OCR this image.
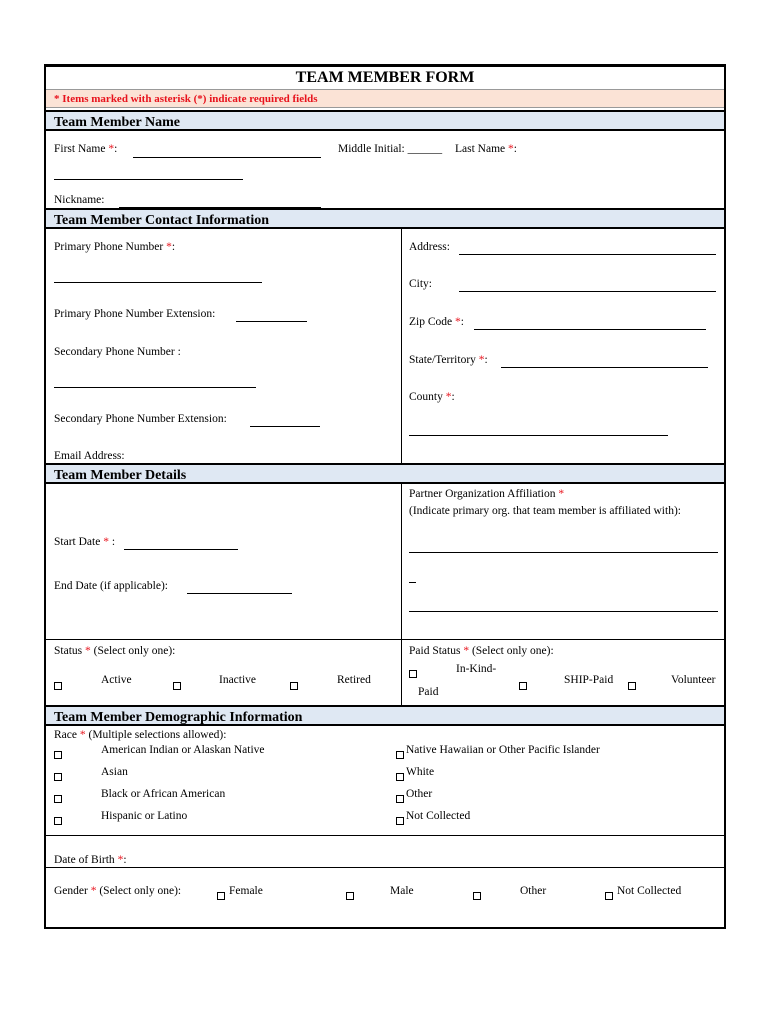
TEAM MEMBER FORM
* Items marked with asterisk (*) indicate required fields
Team Member Name
First Name *:	Middle Initial: ______ Last Name *:
Nickname:
Team Member Contact Information
Primary Phone Number *:
Primary Phone Number Extension:
Secondary Phone Number :
Secondary Phone Number Extension:
Email Address:
Address:
City:
Zip Code *:
State/Territory *:
County *:
Team Member Details
Partner Organization Affiliation *
(Indicate primary org. that team member is affiliated with):
Start Date * :
End Date (if applicable):
Status * (Select only one):
Active	Inactive	Retired
Paid Status * (Select only one):
In-Kind-
Paid
SHIP-Paid	Volunteer
Team Member Demographic Information
Race * (Multiple selections allowed):
American Indian or Alaskan Native
Asian
Black or African American
Hispanic or Latino
Native Hawaiian or Other Pacific Islander
White
Other
Not Collected
Date of Birth *:
Gender * (Select only one):	Female	Male	Other	Not Collected
